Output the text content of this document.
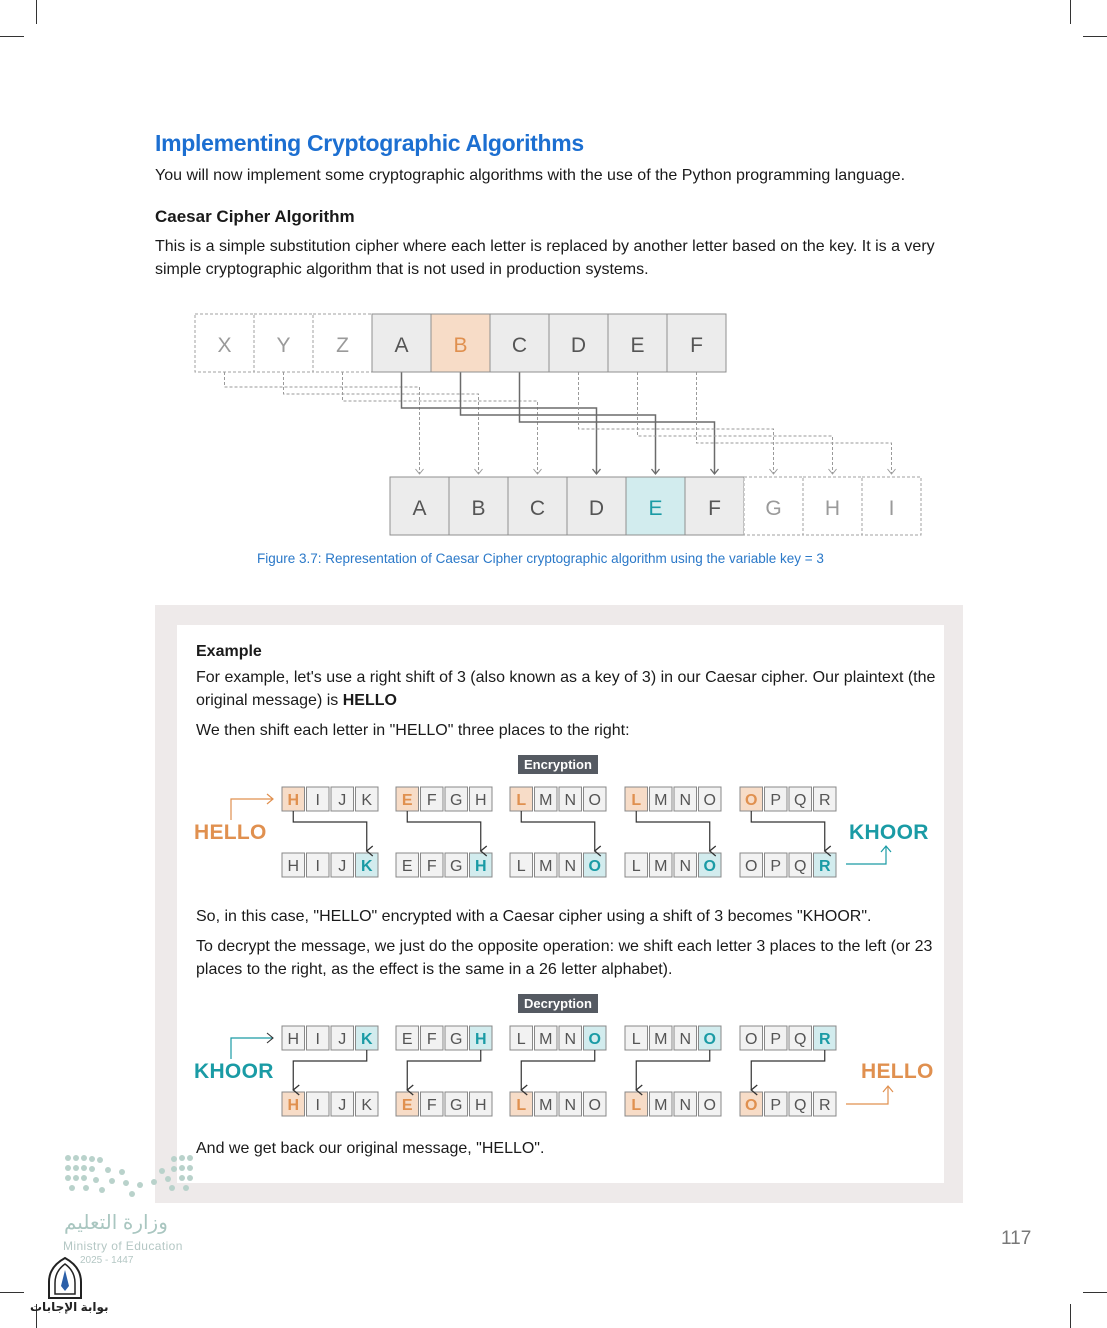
Implementing Cryptographic Algorithms

You will now implement some cryptographic algorithms with the use of the Python programming language.

Caesar Cipher Algorithm

This is a simple substitution cipher where each letter is replaced by another letter based on the key. It is a very simple cryptographic algorithm that is not used in production systems.

X Y Z A B C D E F
A B C D E F G H I
Figure 3.7: Representation of Caesar Cipher cryptographic algorithm using the variable key = 3
Example

For example, let's use a right shift of 3 (also known as a key of 3) in our Caesar cipher. Our plaintext (the original message) is HELLO

We then shift each letter in "HELLO" three places to the right:

Encryption
HELLO	KHOOR

So, in this case, "HELLO" encrypted with a Caesar cipher using a shift of 3 becomes "KHOOR".

To decrypt the message, we just do the opposite operation: we shift each letter 3 places to the left (or 23 places to the right, as the effect is the same in a 26 letter alphabet).

Decryption
KHOOR	HELLO
H I J K E F G H L M N O L M N O O P Q R
H I J K E F G H L M N O L M N O O P Q R
H I J K E F G H L M N O L M N O O P Q R
H I J K E F G H L M N O L M N O O P Q R

And we get back our original message, "HELLO".

وزارة التعليم
Ministry of Education
2025 - 1447
بوابة الإجابات
117
